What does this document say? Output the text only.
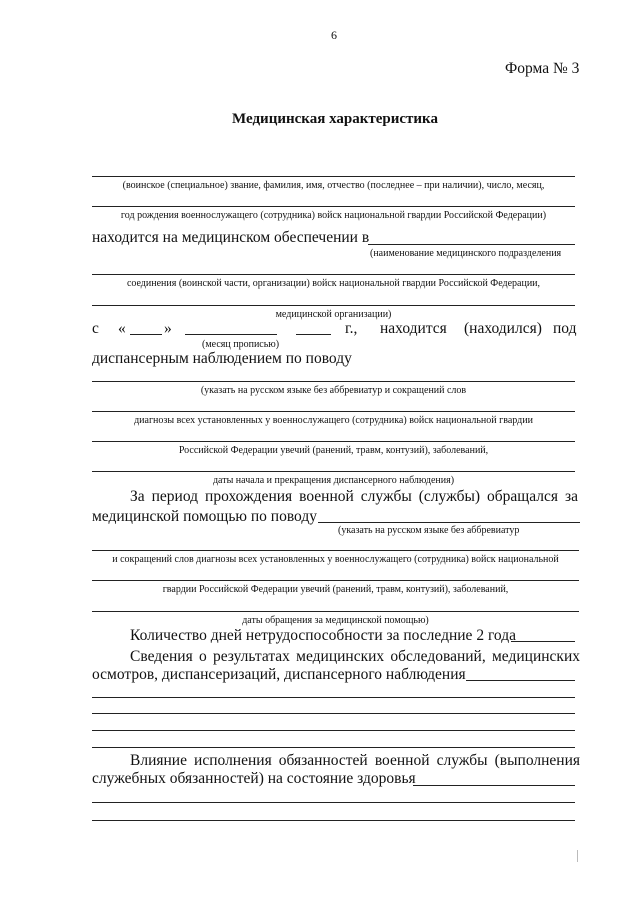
6
Форма № 3
Медицинская характеристика
(воинское (специальное) звание, фамилия, имя, отчество (последнее – при наличии), число, месяц,
год рождения военнослужащего (сотрудника) войск национальной гвардии Российской Федерации)
находится на медицинском обеспечении в
(наименование медицинского подразделения
соединения (воинской части, организации) войск национальной гвардии Российской Федерации,
медицинской организации)
с « »	г., находится (находился) под
(месяц прописью)
диспансерным наблюдением по поводу
(указать на русском языке без аббревиатур и сокращений слов
диагнозы всех установленных у военнослужащего (сотрудника) войск национальной гвардии
Российской Федерации увечий (ранений, травм, контузий), заболеваний,
даты начала и прекращения диспансерного наблюдения)
За период прохождения военной службы (службы) обращался за
медицинской помощью по поводу
(указать на русском языке без аббревиатур
и сокращений слов диагнозы всех установленных у военнослужащего (сотрудника) войск национальной
гвардии Российской Федерации увечий (ранений, травм, контузий), заболеваний,
даты обращения за медицинской помощью)
Количество дней нетрудоспособности за последние 2 года
Сведения о результатах медицинских обследований, медицинских
осмотров, диспансеризаций, диспансерного наблюдения
Влияние исполнения обязанностей военной службы (выполнения
служебных обязанностей) на состояние здоровья
